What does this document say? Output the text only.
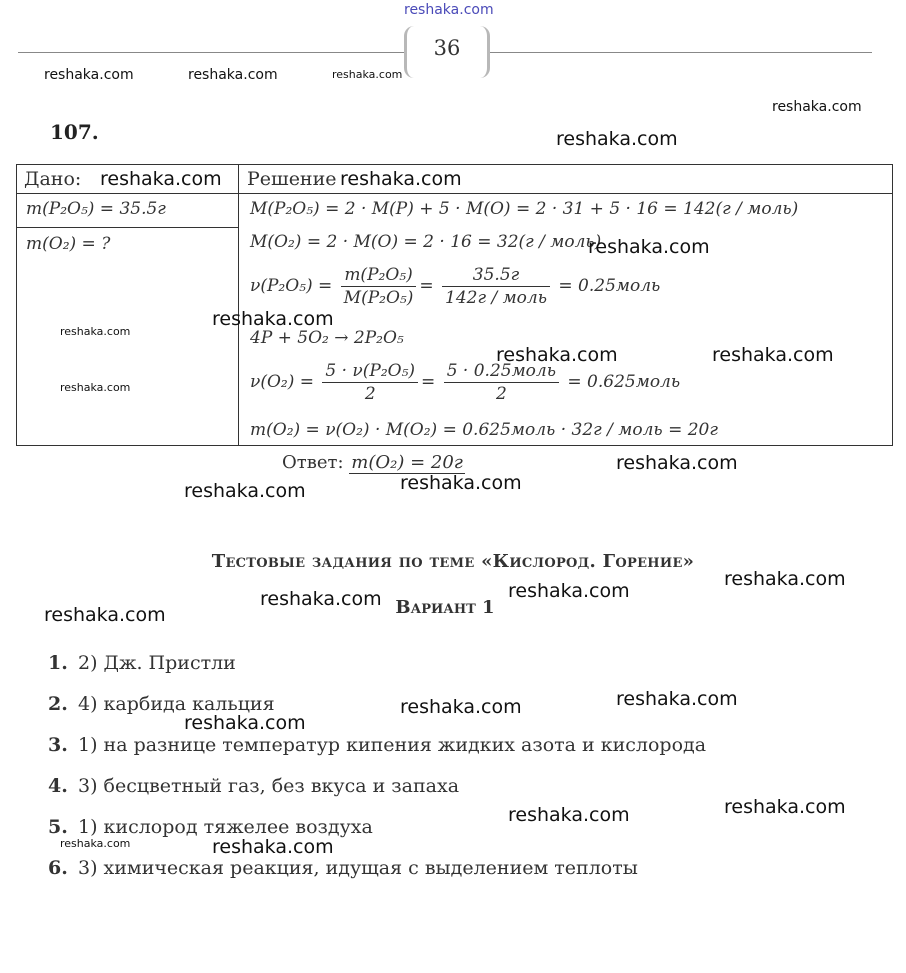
reshaka.com
36
107.
Дано:	Решение
m(P₂O₅) = 35.5г
m(O₂) = ?
M(P₂O₅) = 2 · M(P) + 5 · M(O) = 2 · 31 + 5 · 16 = 142(г / моль)
M(O₂) = 2 · M(O) = 2 · 16 = 32(г / моль)
$\nu(P_2O_5) = \frac{\text{m(P₂O₅)}}{\text{M(P₂O₅)}} = \frac{35.5г}{\text{142г / моль}}$ = 0.25моль
4P + 5O₂ → 2P₂O₅
$\nu(O_2) = \frac{\text{5 · ν(P₂O₅)}}{2} = \frac{\text{5 · 0.25моль}}{2}$ = 0.625моль
m(O₂) = ν(O₂) · M(O₂) = 0.625моль · 32г / моль = 20г
Ответ: m(O₂) = 20г
Тестовые задания по теме «Кислород. Горение»
Вариант 1
1. 2) Дж. Пристли
2. 4) карбида кальция
3. 1) на разнице температур кипения жидких азота и кислорода
4. 3) бесцветный газ, без вкуса и запаха
5. 1) кислород тяжелее воздуха
6. 3) химическая реакция, идущая с выделением теплоты
reshaka.com	reshaka.com	reshaka.com
reshaka.com
reshaka.com
reshaka.com	reshaka.com
reshaka.com
reshaka.com
reshaka.com
reshaka.com	reshaka.com
reshaka.com
reshaka.com
reshaka.com
reshaka.com
reshaka.com
reshaka.com
reshaka.com
reshaka.com
reshaka.com
reshaka.com
reshaka.com
reshaka.com
reshaka.com
reshaka.com	reshaka.com
